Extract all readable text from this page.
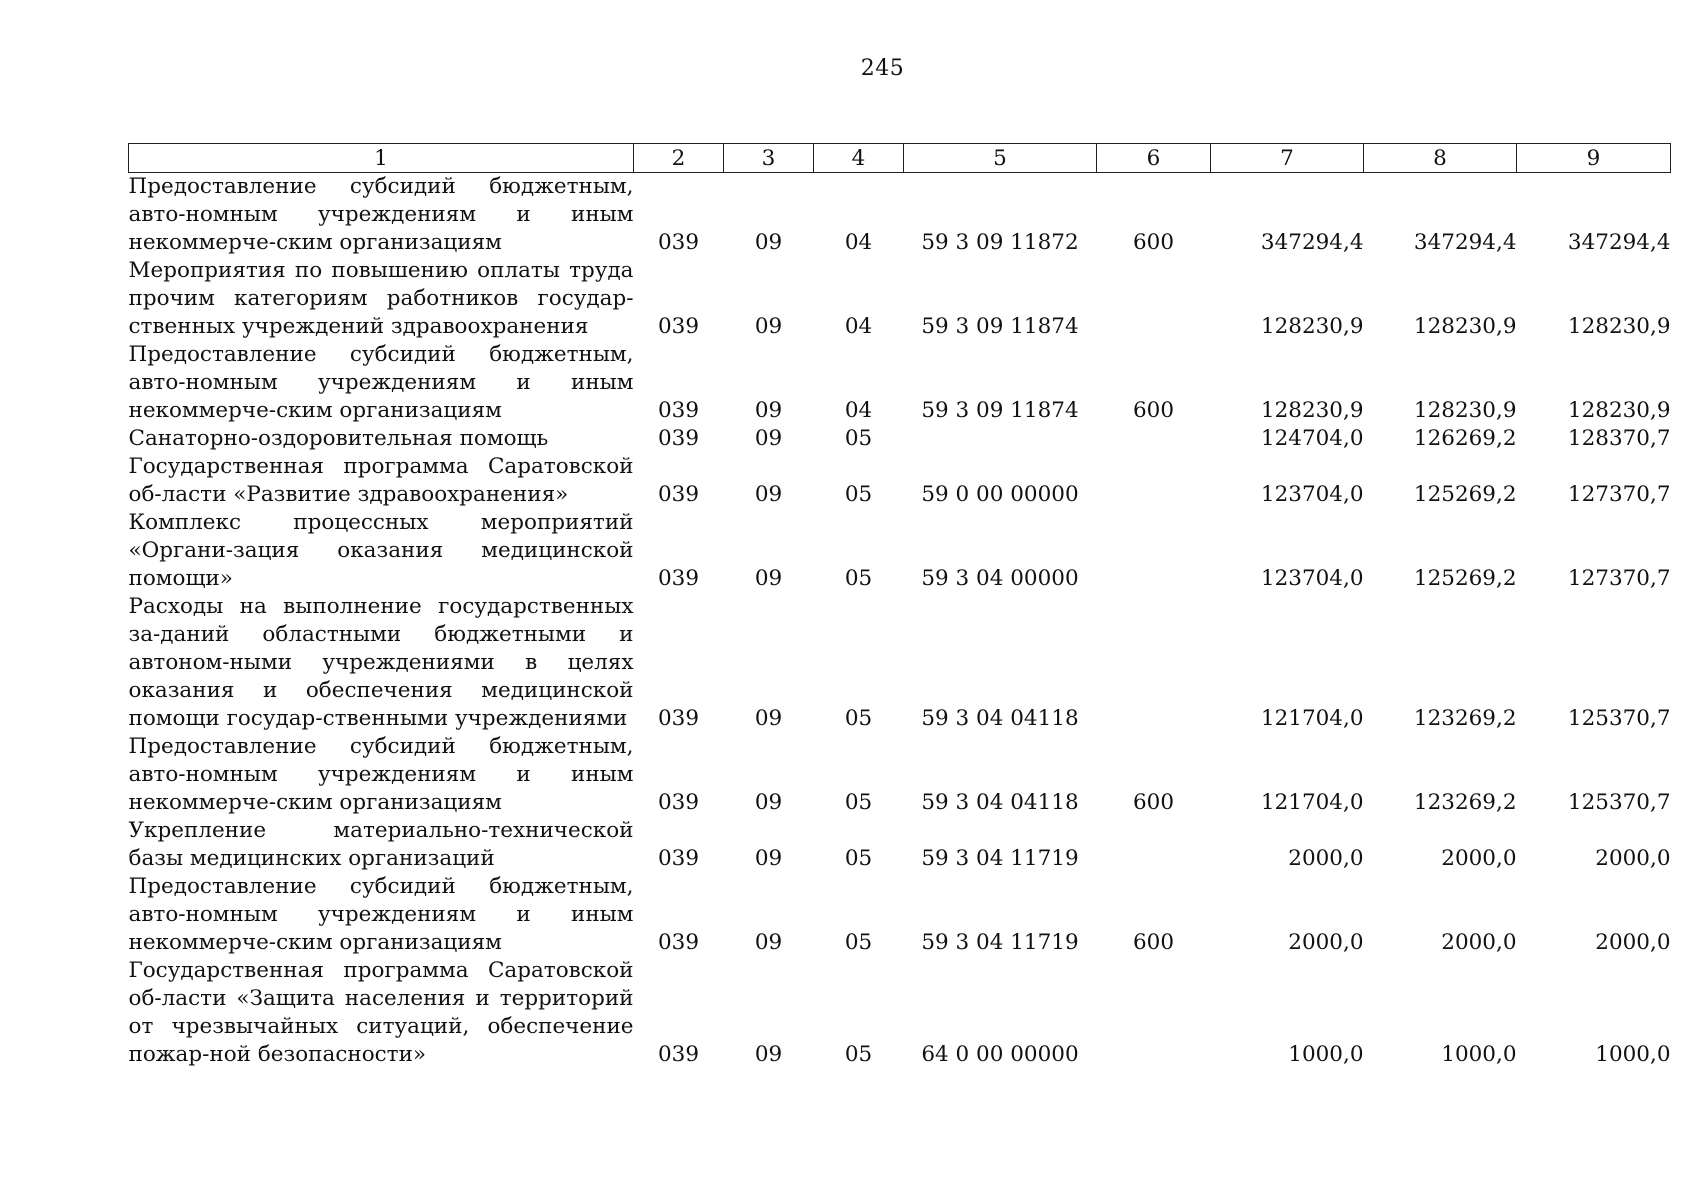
245
1	2	3	4	5	6	7	8	9
Предоставление субсидий бюджетным, авто-номным учреждениям и иным некоммерче-ским организациям	039	09	04	59 3 09 11872	600	347294,4	347294,4	347294,4
Мероприятия по повышению оплаты труда прочим категориям работников государ-ственных учреждений здравоохранения	039	09	04	59 3 09 11874		128230,9	128230,9	128230,9
Предоставление субсидий бюджетным, авто-номным учреждениям и иным некоммерче-ским организациям	039	09	04	59 3 09 11874	600	128230,9	128230,9	128230,9
Санаторно-оздоровительная помощь	039	09	05			124704,0	126269,2	128370,7
Государственная программа Саратовской об-ласти «Развитие здравоохранения»	039	09	05	59 0 00 00000		123704,0	125269,2	127370,7
Комплекс процессных мероприятий «Органи-зация оказания медицинской помощи»	039	09	05	59 3 04 00000		123704,0	125269,2	127370,7
Расходы на выполнение государственных за-даний областными бюджетными и автоном-ными учреждениями в целях оказания и обеспечения медицинской помощи государ-ственными учреждениями	039	09	05	59 3 04 04118		121704,0	123269,2	125370,7
Предоставление субсидий бюджетным, авто-номным учреждениям и иным некоммерче-ским организациям	039	09	05	59 3 04 04118	600	121704,0	123269,2	125370,7
Укрепление материально-технической базы медицинских организаций	039	09	05	59 3 04 11719		2000,0	2000,0	2000,0
Предоставление субсидий бюджетным, авто-номным учреждениям и иным некоммерче-ским организациям	039	09	05	59 3 04 11719	600	2000,0	2000,0	2000,0
Государственная программа Саратовской об-ласти «Защита населения и территорий от чрезвычайных ситуаций, обеспечение пожар-ной безопасности»	039	09	05	64 0 00 00000		1000,0	1000,0	1000,0
